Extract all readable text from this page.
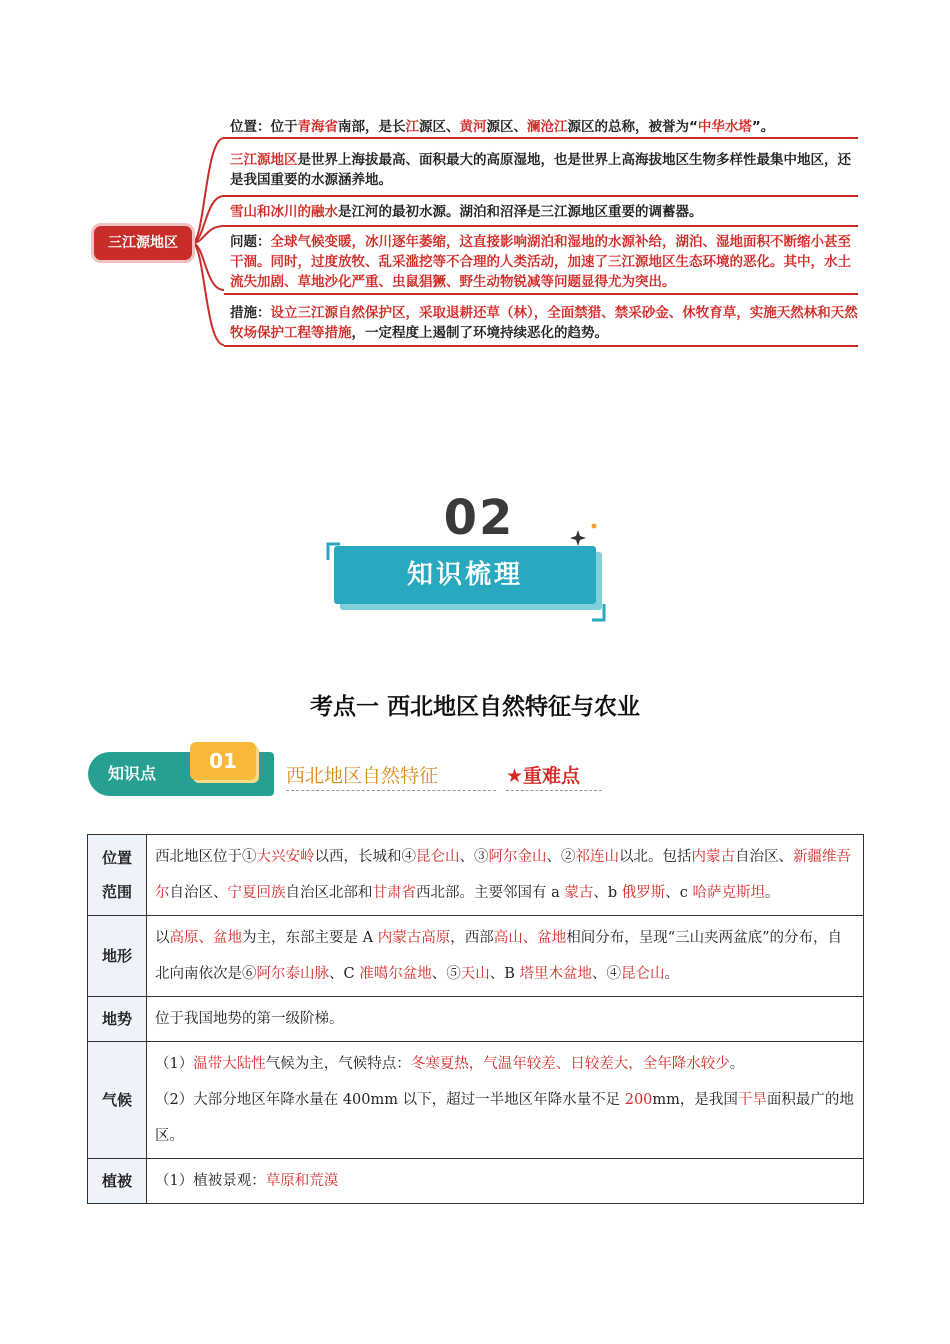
三江源地区
位置：位于青海省南部，是长江源区、黄河源区、澜沧江源区的总称，被誉为“中华水塔”。
三江源地区是世界上海拔最高、面积最大的高原湿地，也是世界上高海拔地区生物多样性最集中地区，还是我国重要的水源涵养地。
雪山和冰川的融水是江河的最初水源。湖泊和沼泽是三江源地区重要的调蓄器。
问题：全球气候变暖，冰川逐年萎缩，这直接影响湖泊和湿地的水源补给，湖泊、湿地面积不断缩小甚至干涸。同时，过度放牧、乱采滥挖等不合理的人类活动，加速了三江源地区生态环境的恶化。其中，水土流失加剧、草地沙化严重、虫鼠猖獗、野生动物锐减等问题显得尤为突出。
措施：设立三江源自然保护区，采取退耕还草（林），全面禁猎、禁采砂金、休牧育草，实施天然林和天然牧场保护工程等措施，一定程度上遏制了环境持续恶化的趋势。
02
知识梳理
考点一 西北地区自然特征与农业
知识点
01
西北地区自然特征	★重难点
位置
范围	西北地区位于①大兴安岭以西，长城和④昆仑山、③阿尔金山、②祁连山以北。包括内蒙古自治区、新疆维吾尔自治区、宁夏回族自治区北部和甘肃省西北部。主要邻国有 a 蒙古、b 俄罗斯、c 哈萨克斯坦。
地形	以高原、盆地为主，东部主要是 A 内蒙古高原，西部高山、盆地相间分布，呈现“三山夹两盆底”的分布，自北向南依次是⑥阿尔泰山脉、C 准噶尔盆地、⑤天山、B 塔里木盆地、④昆仑山。
地势	位于我国地势的第一级阶梯。
气候	（1）温带大陆性气候为主，气候特点：冬寒夏热，气温年较差、日较差大，全年降水较少。
（2）大部分地区年降水量在 400mm 以下，超过一半地区年降水量不足 200mm，是我国干旱面积最广的地区。
植被	（1）植被景观：草原和荒漠
